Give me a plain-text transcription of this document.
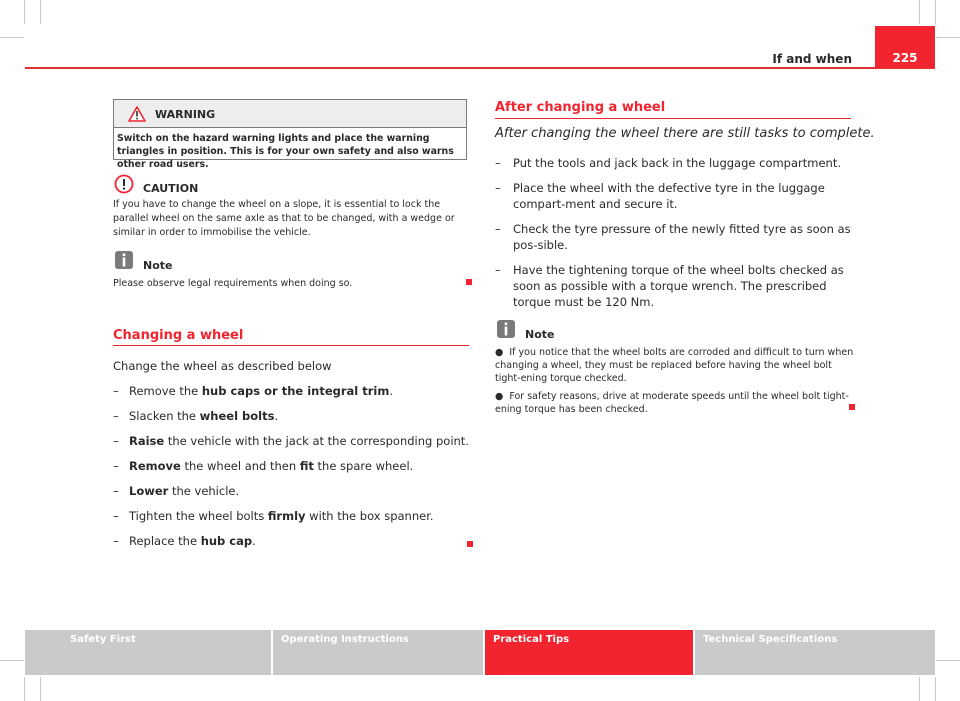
If and when	225
WARNING
Switch on the hazard warning lights and place the warning triangles in position. This is for your own safety and also warns other road users.
CAUTION
If you have to change the wheel on a slope, it is essential to lock the parallel wheel on the same axle as that to be changed, with a wedge or similar in order to immobilise the vehicle.
Note
Please observe legal requirements when doing so.
Changing a wheel
Change the wheel as described below
– Remove the hub caps or the integral trim.
– Slacken the wheel bolts.
– Raise the vehicle with the jack at the corresponding point.
– Remove the wheel and then fit the spare wheel.
– Lower the vehicle.
– Tighten the wheel bolts firmly with the box spanner.
– Replace the hub cap.
After changing a wheel
After changing the wheel there are still tasks to complete.
– Put the tools and jack back in the luggage compartment.
– Place the wheel with the defective tyre in the luggage compart-ment and secure it.
– Check the tyre pressure of the newly fitted tyre as soon as pos-sible.
– Have the tightening torque of the wheel bolts checked as soon as possible with a torque wrench. The prescribed torque must be 120 Nm.
Note
●  If you notice that the wheel bolts are corroded and difficult to turn when changing a wheel, they must be replaced before having the wheel bolt tight-ening torque checked.
●  For safety reasons, drive at moderate speeds until the wheel bolt tight-ening torque has been checked.
Safety First	Operating Instructions	Practical Tips	Technical Specifications
